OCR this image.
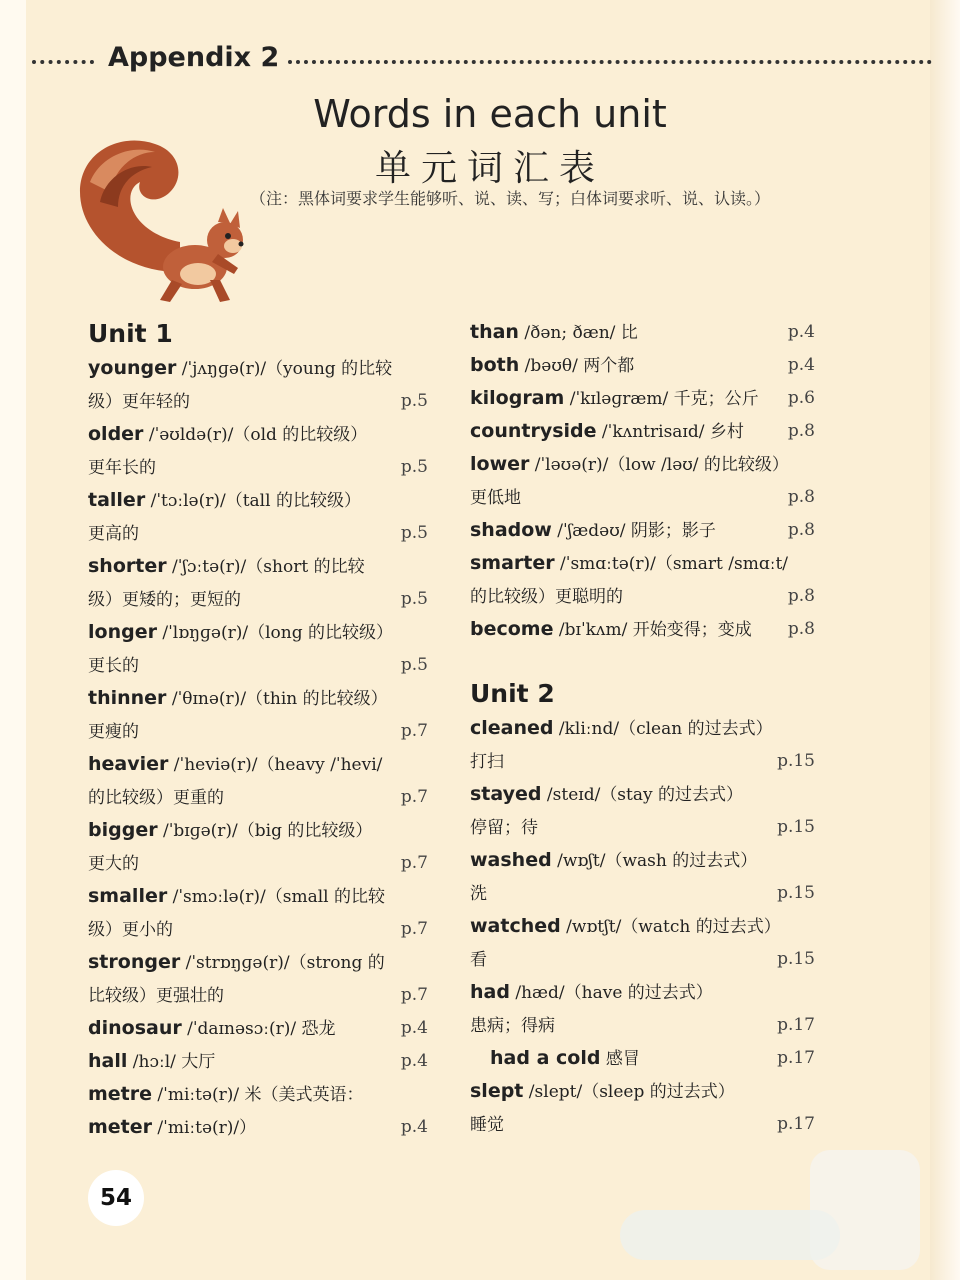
Appendix 2
Words in each unit
单元词汇表
（注：黑体词要求学生能够听、说、读、写；白体词要求听、说、认读。）
Unit 1
younger /ˈjʌŋɡə(r)/（young 的比较
级）更年轻的	p.5
older /ˈəʊldə(r)/（old 的比较级）
更年长的	p.5
taller /ˈtɔːlə(r)/（tall 的比较级）
更高的	p.5
shorter /ˈʃɔːtə(r)/（short 的比较
级）更矮的；更短的	p.5
longer /ˈlɒŋɡə(r)/（long 的比较级）
更长的	p.5
thinner /ˈθɪnə(r)/（thin 的比较级）
更瘦的	p.7
heavier /ˈheviə(r)/（heavy /ˈhevi/
的比较级）更重的	p.7
bigger /ˈbɪɡə(r)/（big 的比较级）
更大的	p.7
smaller /ˈsmɔːlə(r)/（small 的比较
级）更小的	p.7
stronger /ˈstrɒŋɡə(r)/（strong 的
比较级）更强壮的	p.7
dinosaur /ˈdaɪnəsɔː(r)/ 恐龙	p.4
hall /hɔːl/ 大厅	p.4
metre /ˈmiːtə(r)/ 米（美式英语：
meter /ˈmiːtə(r)/）	p.4
than /ðən; ðæn/ 比	p.4
both /bəʊθ/ 两个都	p.4
kilogram /ˈkɪləɡræm/ 千克；公斤 p.6
countryside /ˈkʌntrisaɪd/ 乡村	p.8
lower /ˈləʊə(r)/（low /ləʊ/ 的比较级）
更低地	p.8
shadow /ˈʃædəʊ/ 阴影；影子	p.8
smarter /ˈsmɑːtə(r)/（smart /smɑːt/
的比较级）更聪明的	p.8
become /bɪˈkʌm/ 开始变得；变成 p.8
Unit 2
cleaned /kliːnd/（clean 的过去式）
打扫	p.15
stayed /steɪd/（stay 的过去式）
停留；待	p.15
washed /wɒʃt/（wash 的过去式）
洗	p.15
watched /wɒtʃt/（watch 的过去式）
看	p.15
had /hæd/（have 的过去式）
患病；得病	p.17
had a cold 感冒	p.17
slept /slept/（sleep 的过去式）
睡觉	p.17
54
